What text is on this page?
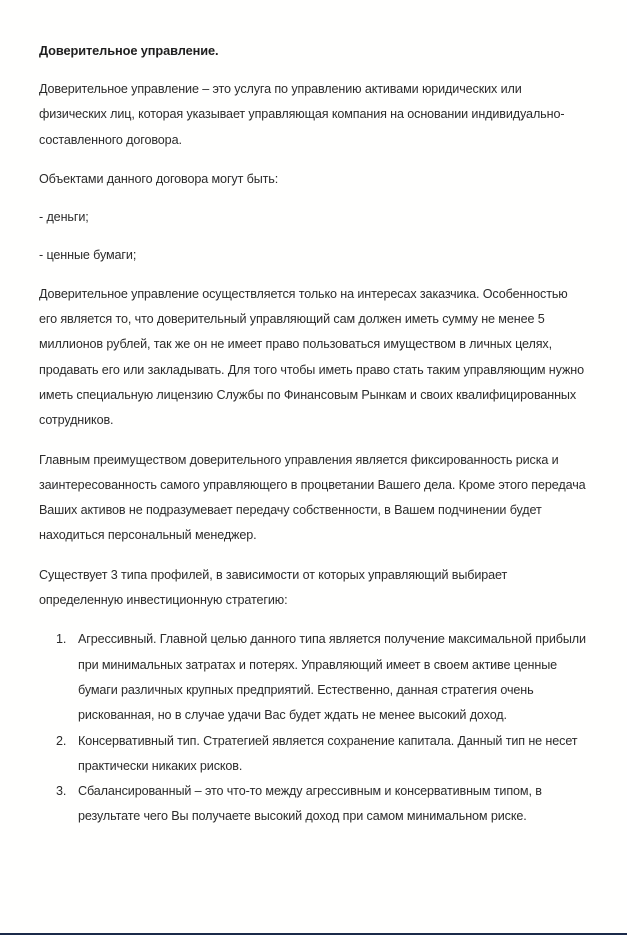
Доверительное управление.

Доверительное управление – это услуга по управлению активами юридических или физических лиц, которая указывает управляющая компания на основании индивидуально-составленного договора.

Объектами данного договора могут быть:

- деньги;

- ценные бумаги;

Доверительное управление осуществляется только на интересах заказчика. Особенностью его является то, что доверительный управляющий сам должен иметь сумму не менее 5 миллионов рублей, так же он не имеет право пользоваться имуществом в личных целях, продавать его или закладывать. Для того чтобы иметь право стать таким управляющим нужно иметь специальную лицензию Службы по Финансовым Рынкам и своих квалифицированных сотрудников.

Главным преимуществом доверительного управления является фиксированность риска и заинтересованность самого управляющего в процветании Вашего дела. Кроме этого передача Ваших активов не подразумевает передачу собственности, в Вашем подчинении будет находиться персональный менеджер.

Существует 3 типа профилей, в зависимости от которых управляющий выбирает определенную инвестиционную стратегию:

1. Агрессивный. Главной целью данного типа является получение максимальной прибыли при минимальных затратах и потерях. Управляющий имеет в своем активе ценные бумаги различных крупных предприятий. Естественно, данная стратегия очень рискованная, но в случае удачи Вас будет ждать не менее высокий доход.
2. Консервативный тип. Стратегией является сохранение капитала. Данный тип не несет практически никаких рисков.
3. Сбалансированный – это что-то между агрессивным и консервативным типом, в результате чего Вы получаете высокий доход при самом минимальном риске.
